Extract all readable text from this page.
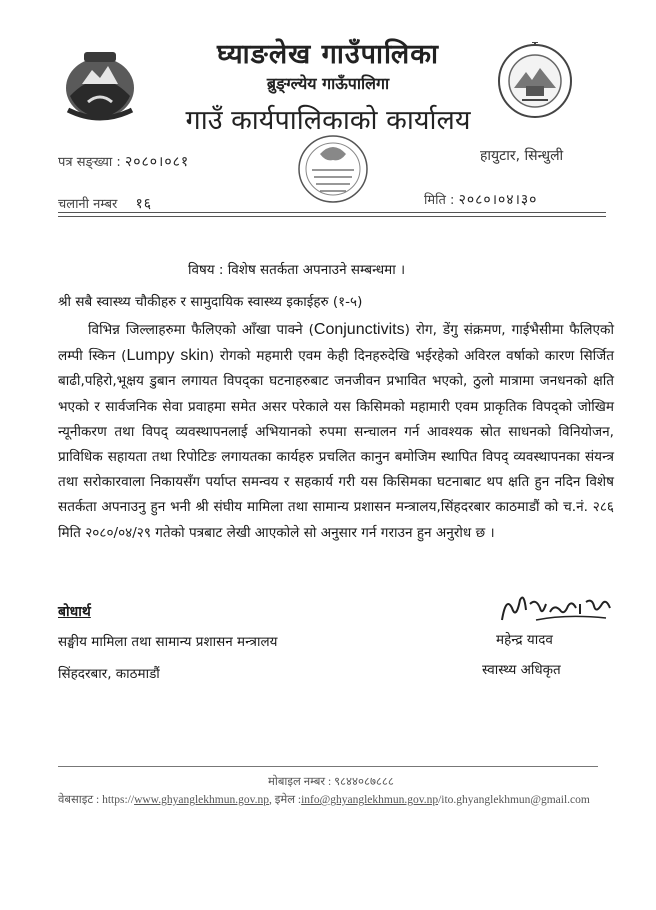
घ्याङलेख गाउँपालिका
ब्रुङ्ग्ल्येय गाऊँपालिगा
गाउँ कार्यपालिकाको कार्यालय
पत्र सङ्ख्या : २०८०।०८१	हायुटार, सिन्धुली
चलानी नम्बर १६	मिति : २०८०।०४।३०
विषय : विशेष सतर्कता अपनाउने सम्बन्धमा ।
श्री सबै स्वास्थ्य चौकीहरु र सामुदायिक स्वास्थ्य इकाईहरु (१-५)

विभिन्न जिल्लाहरुमा फैलिएको आँखा पाक्ने (Conjunctivits) रोग, डेंगु संक्रमण, गाईभैसीमा फैलिएको लम्पी स्किन (Lumpy skin) रोगको महमारी एवम केही दिनहरुदेखि भईरहेको अविरल वर्षाको कारण सिर्जित बाढी,पहिरो,भूक्षय डुबान लगायत विपद्का घटनाहरुबाट जनजीवन प्रभावित भएको, ठुलो मात्रामा जनधनको क्षति भएको र सार्वजनिक सेवा प्रवाहमा समेत असर परेकाले यस किसिमको महामारी एवम प्राकृतिक विपद्को जोखिम न्यूनीकरण तथा विपद् व्यवस्थापनलाई अभियानको रुपमा सन्चालन गर्न आवश्यक स्रोत साधनको विनियोजन, प्राविधिक सहायता तथा रिपोटिङ लगायतका कार्यहरु प्रचलित कानुन बमोजिम स्थापित विपद् व्यवस्थापनका संयन्त्र तथा सरोकारवाला निकायसँग पर्याप्त समन्वय र सहकार्य गरी यस किसिमका घटनाबाट थप क्षति हुन नदिन विशेष सतर्कता अपनाउनु हुन भनी श्री संघीय मामिला तथा सामान्य प्रशासन मन्त्रालय,सिंहदरबार काठमाडौं को च.नं. २८६ मिति २०८०/०४/२९ गतेको पत्रबाट लेखी आएकोले सो अनुसार गर्न गराउन हुन अनुरोध छ ।

बोधार्थ
सङ्घीय मामिला तथा सामान्य प्रशासन मन्त्रालय
सिंहदरबार, काठमाडौं
महेन्द्र यादव
स्वास्थ्य अधिकृत
मोबाइल नम्बर : ९८४४०८७८८८
वेबसाइट : https://www.ghyanglekhmun.gov.np, इमेल :info@ghyanglekhmun.gov.np/ito.ghyanglekhmun@gmail.com
